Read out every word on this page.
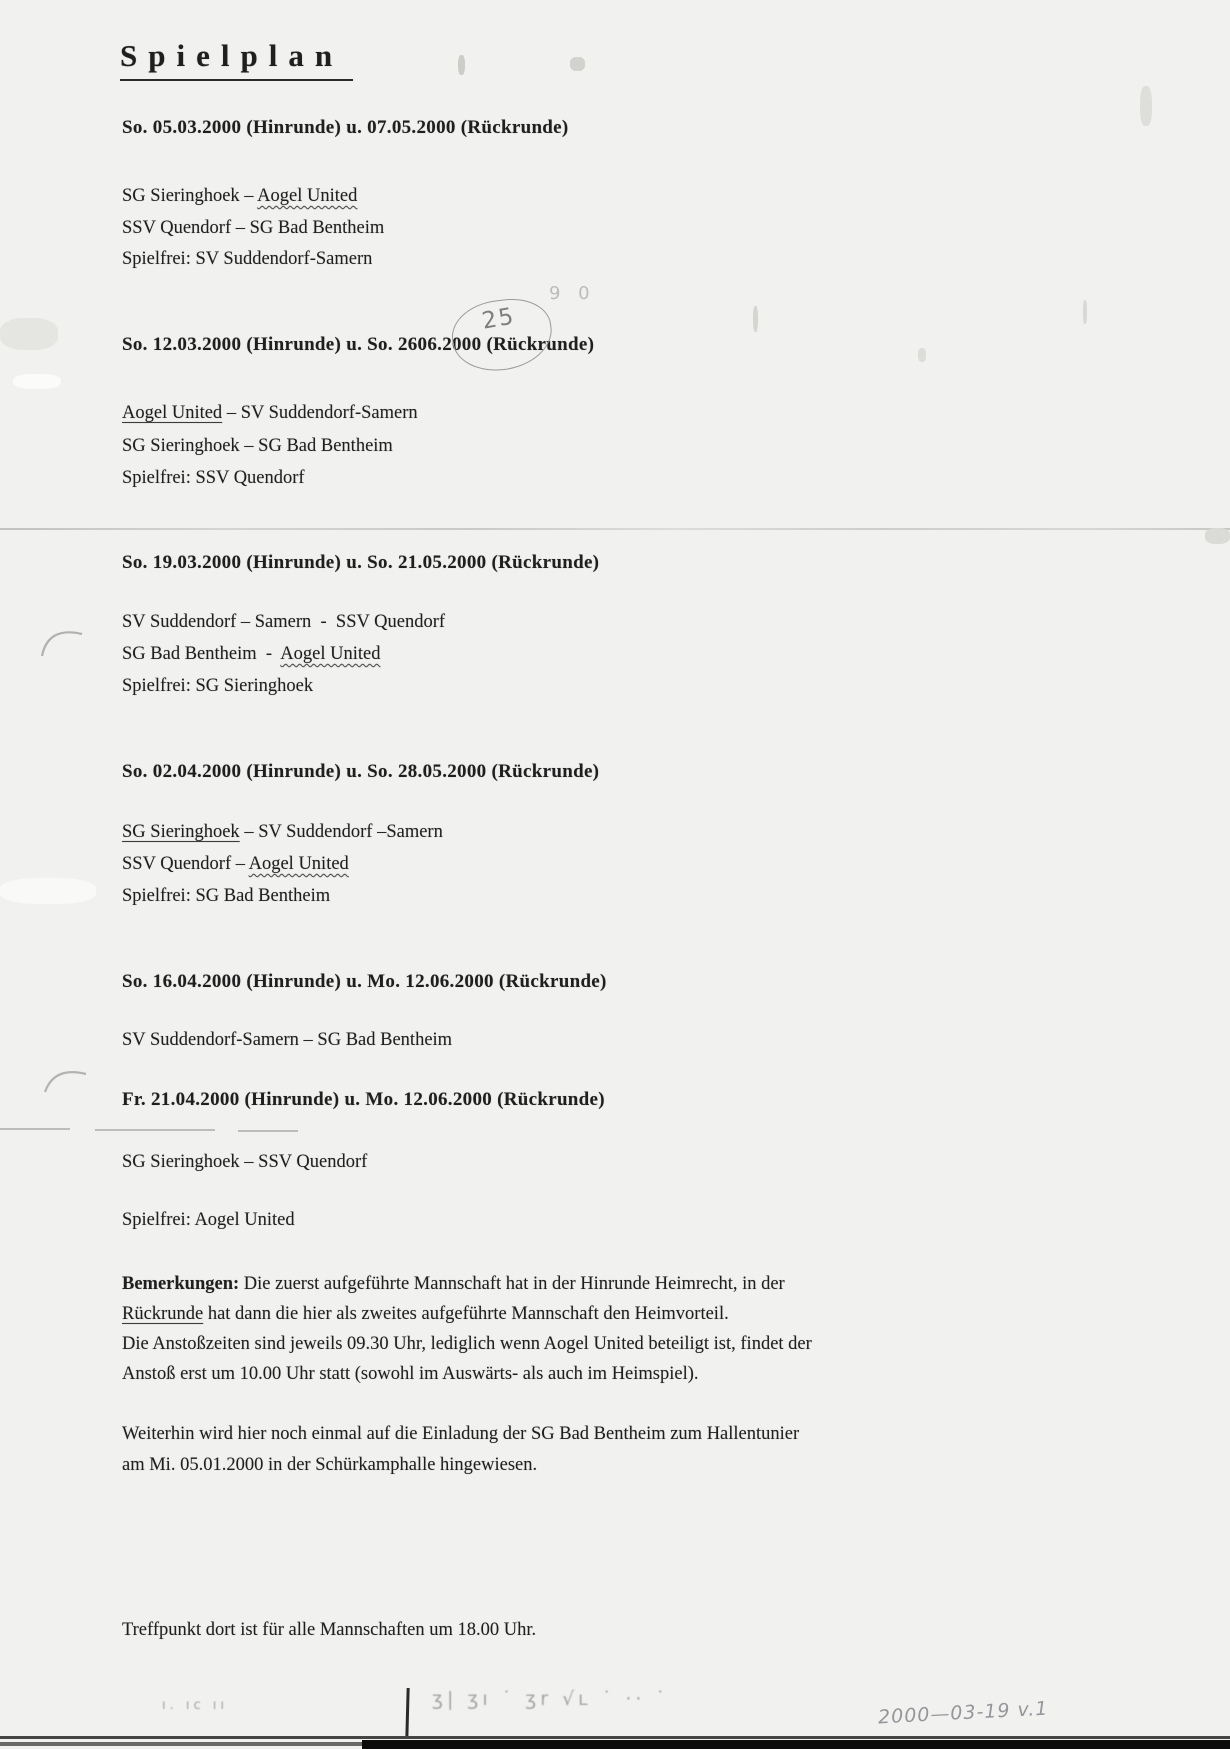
Spielplan
So. 05.03.2000 (Hinrunde) u. 07.05.2000 (Rückrunde)
SG Sieringhoek – Aogel United
SSV Quendorf – SG Bad Bentheim
Spielfrei: SV Suddendorf-Samern
So. 12.03.2000 (Hinrunde) u. So. 2606.2000 (Rückrunde)
Aogel United – SV Suddendorf-Samern
SG Sieringhoek – SG Bad Bentheim
Spielfrei: SSV Quendorf
So. 19.03.2000 (Hinrunde) u. So. 21.05.2000 (Rückrunde)
SV Suddendorf – Samern  -  SSV Quendorf
SG Bad Bentheim  -  Aogel United
Spielfrei: SG Sieringhoek
So. 02.04.2000 (Hinrunde) u. So. 28.05.2000 (Rückrunde)
SG Sieringhoek – SV Suddendorf –Samern
SSV Quendorf – Aogel United
Spielfrei: SG Bad Bentheim
So. 16.04.2000 (Hinrunde) u. Mo. 12.06.2000 (Rückrunde)
SV Suddendorf-Samern – SG Bad Bentheim
Fr. 21.04.2000 (Hinrunde) u. Mo. 12.06.2000 (Rückrunde)
SG Sieringhoek – SSV Quendorf
Spielfrei: Aogel United
Bemerkungen: Die zuerst aufgeführte Mannschaft hat in der Hinrunde Heimrecht, in der
Rückrunde hat dann die hier als zweites aufgeführte Mannschaft den Heimvorteil.
Die Anstoßzeiten sind jeweils 09.30 Uhr, lediglich wenn Aogel United beteiligt ist, findet der
Anstoß erst um 10.00 Uhr statt (sowohl im Auswärts- als auch im Heimspiel).
Weiterhin wird hier noch einmal auf die Einladung der SG Bad Bentheim zum Hallentunier
am Mi. 05.01.2000 in der Schürkamphalle hingewiesen.
Treffpunkt dort ist für alle Mannschaften um 18.00 Uhr.
25
9 0
ı. ıc ıı	ʒ| ʒı ˙ ʒr √ʟ ˙ ·· ˙	2000—03-19 v.1
